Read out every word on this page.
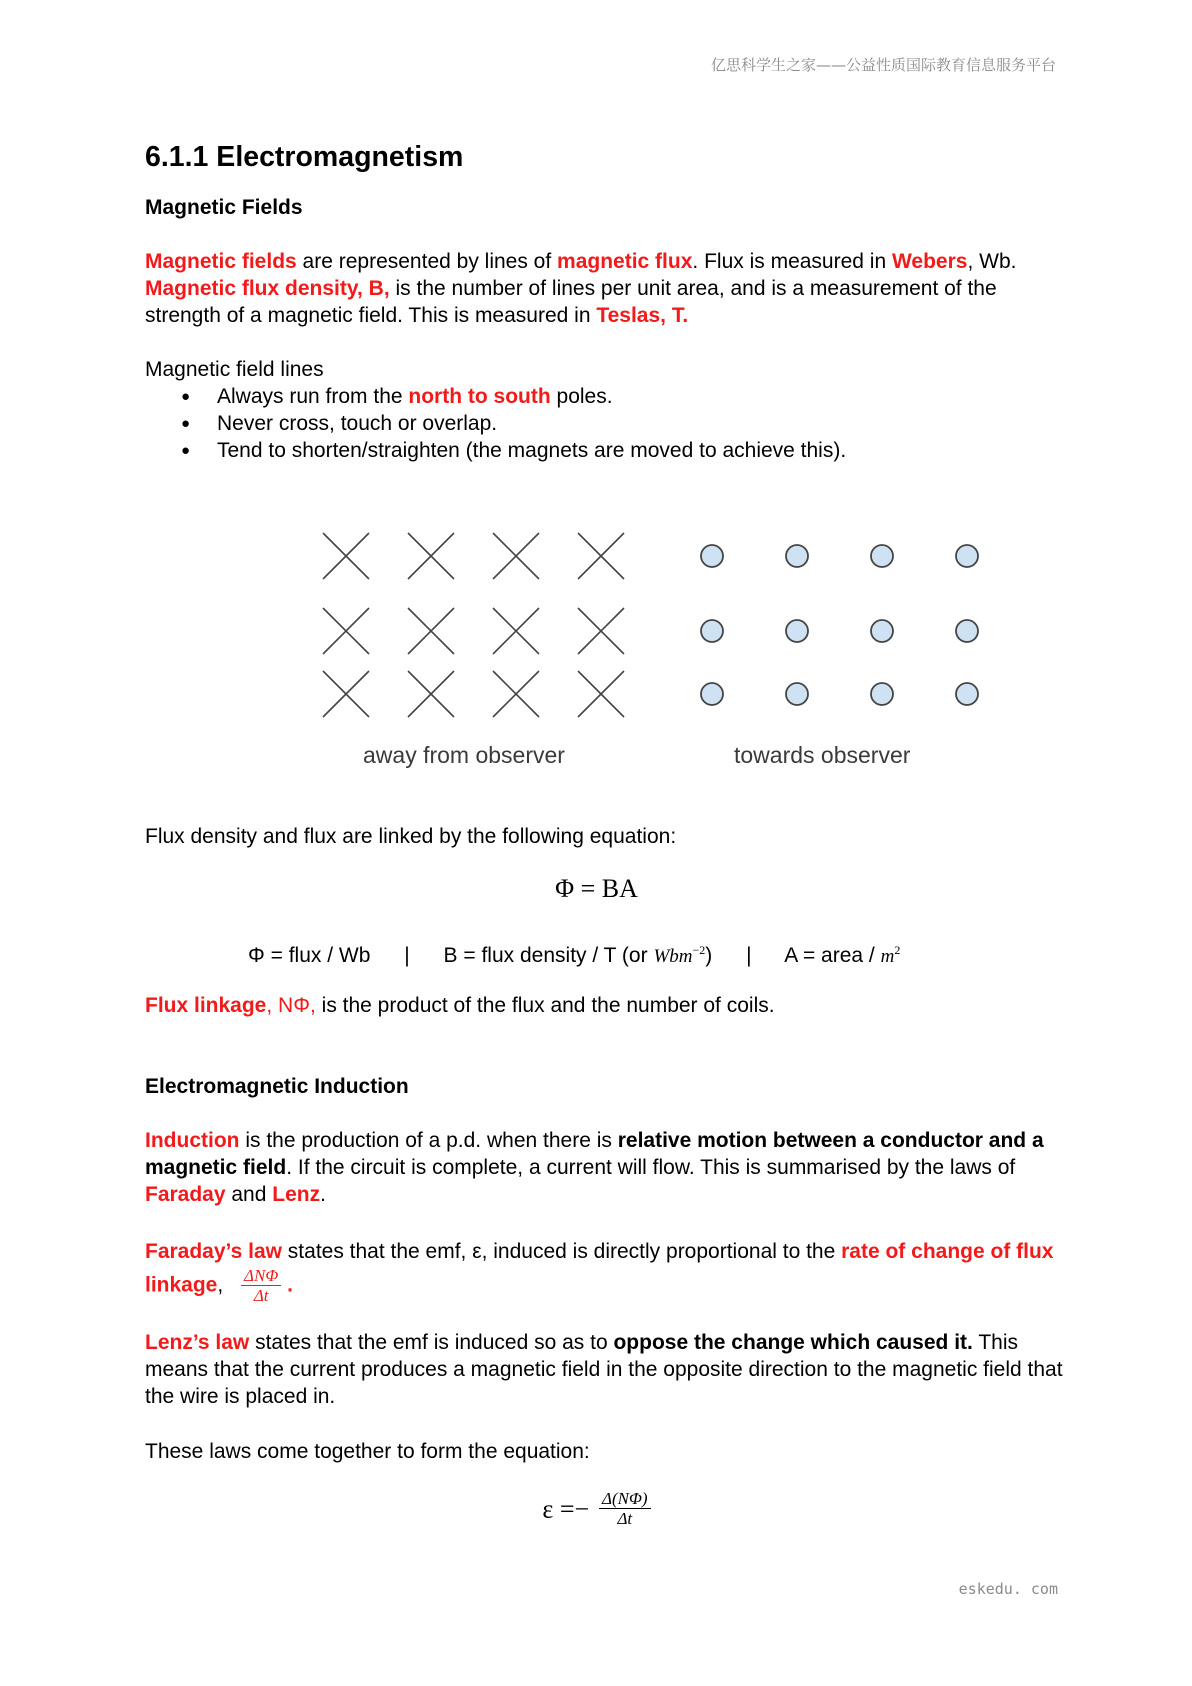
亿思科学生之家——公益性质国际教育信息服务平台
away from observer	towards observer
6.1.1 Electromagnetism
Magnetic Fields

Magnetic fields are represented by lines of magnetic flux. Flux is measured in Webers, Wb. Magnetic flux density, B, is the number of lines per unit area, and is a measurement of the strength of a magnetic field. This is measured in Teslas, T.

Magnetic field lines

● Always run from the north to south poles.
● Never cross, touch or overlap.
● Tend to shorten/straighten (the magnets are moved to achieve this).

Flux density and flux are linked by the following equation:

Φ = BA
Φ = flux / Wb | B = flux density / T (or Wbm$^{-2}$) | A = area / $m^2$

Flux linkage, NΦ, is the product of the flux and the number of coils.

Electromagnetic Induction

Induction is the production of a p.d. when there is relative motion between a conductor and a magnetic field. If the circuit is complete, a current will flow. This is summarised by the laws of Faraday and Lenz.

Faraday’s law states that the emf, ε, induced is directly proportional to the rate of change of flux linkage, $\frac{\text{ΔNΦ}}{\Delta t}$ .

Lenz’s law states that the emf is induced so as to oppose the change which caused it. This means that the current produces a magnetic field in the opposite direction to the magnetic field that the wire is placed in.

These laws come together to form the equation:

$\varepsilon =- \frac{\Delta(N\Phi)}{\Delta t}$
eskedu. com
